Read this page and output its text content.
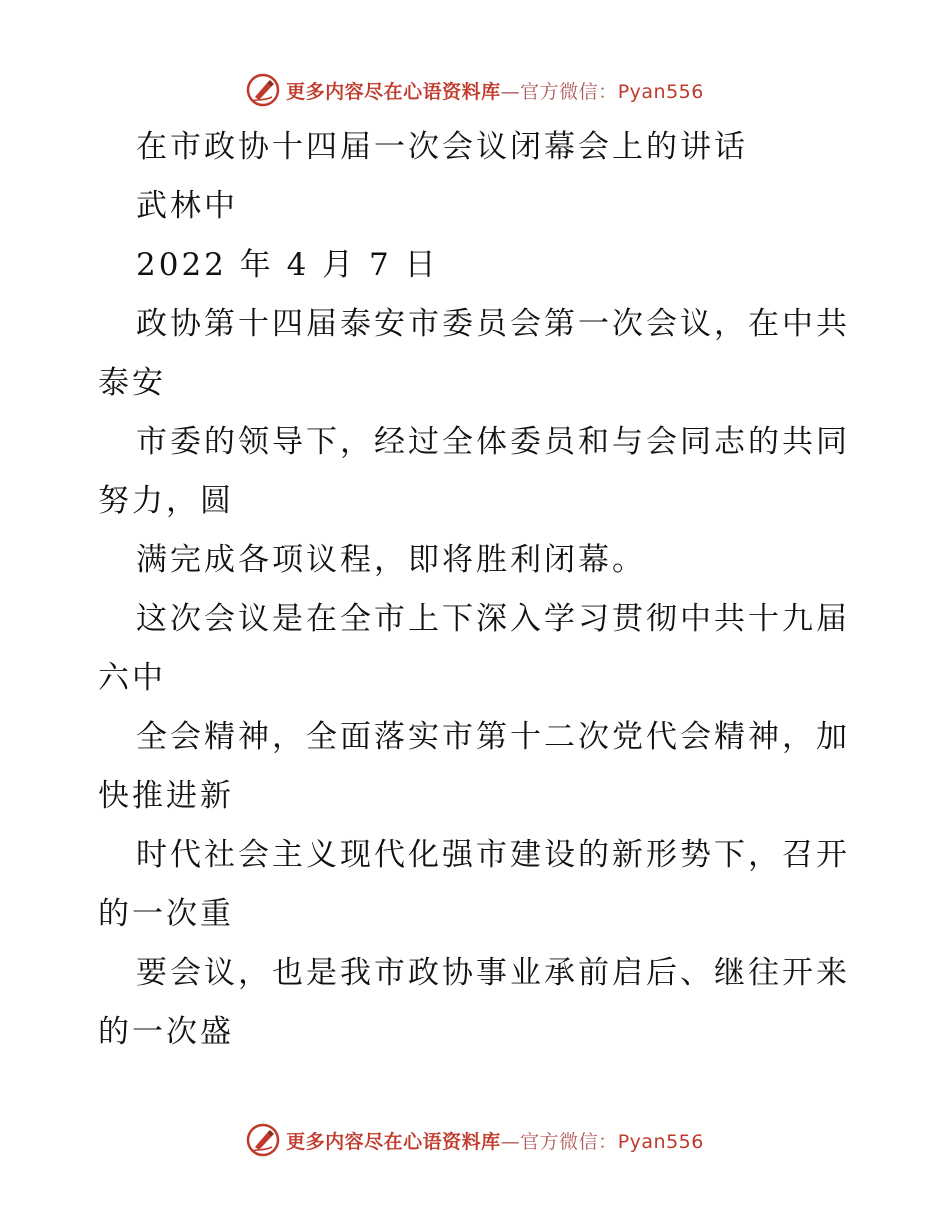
更多内容尽在心语资料库—官方微信：Pyan556
在市政协十四届一次会议闭幕会上的讲话
武林中
2022 年 4 月 7 日
政协第十四届泰安市委员会第一次会议，在中共
泰安
市委的领导下，经过全体委员和与会同志的共同
努力，圆
满完成各项议程，即将胜利闭幕。
这次会议是在全市上下深入学习贯彻中共十九届
六中
全会精神，全面落实市第十二次党代会精神，加
快推进新
时代社会主义现代化强市建设的新形势下，召开
的一次重
要会议，也是我市政协事业承前启后、继往开来
的一次盛
更多内容尽在心语资料库—官方微信：Pyan556
